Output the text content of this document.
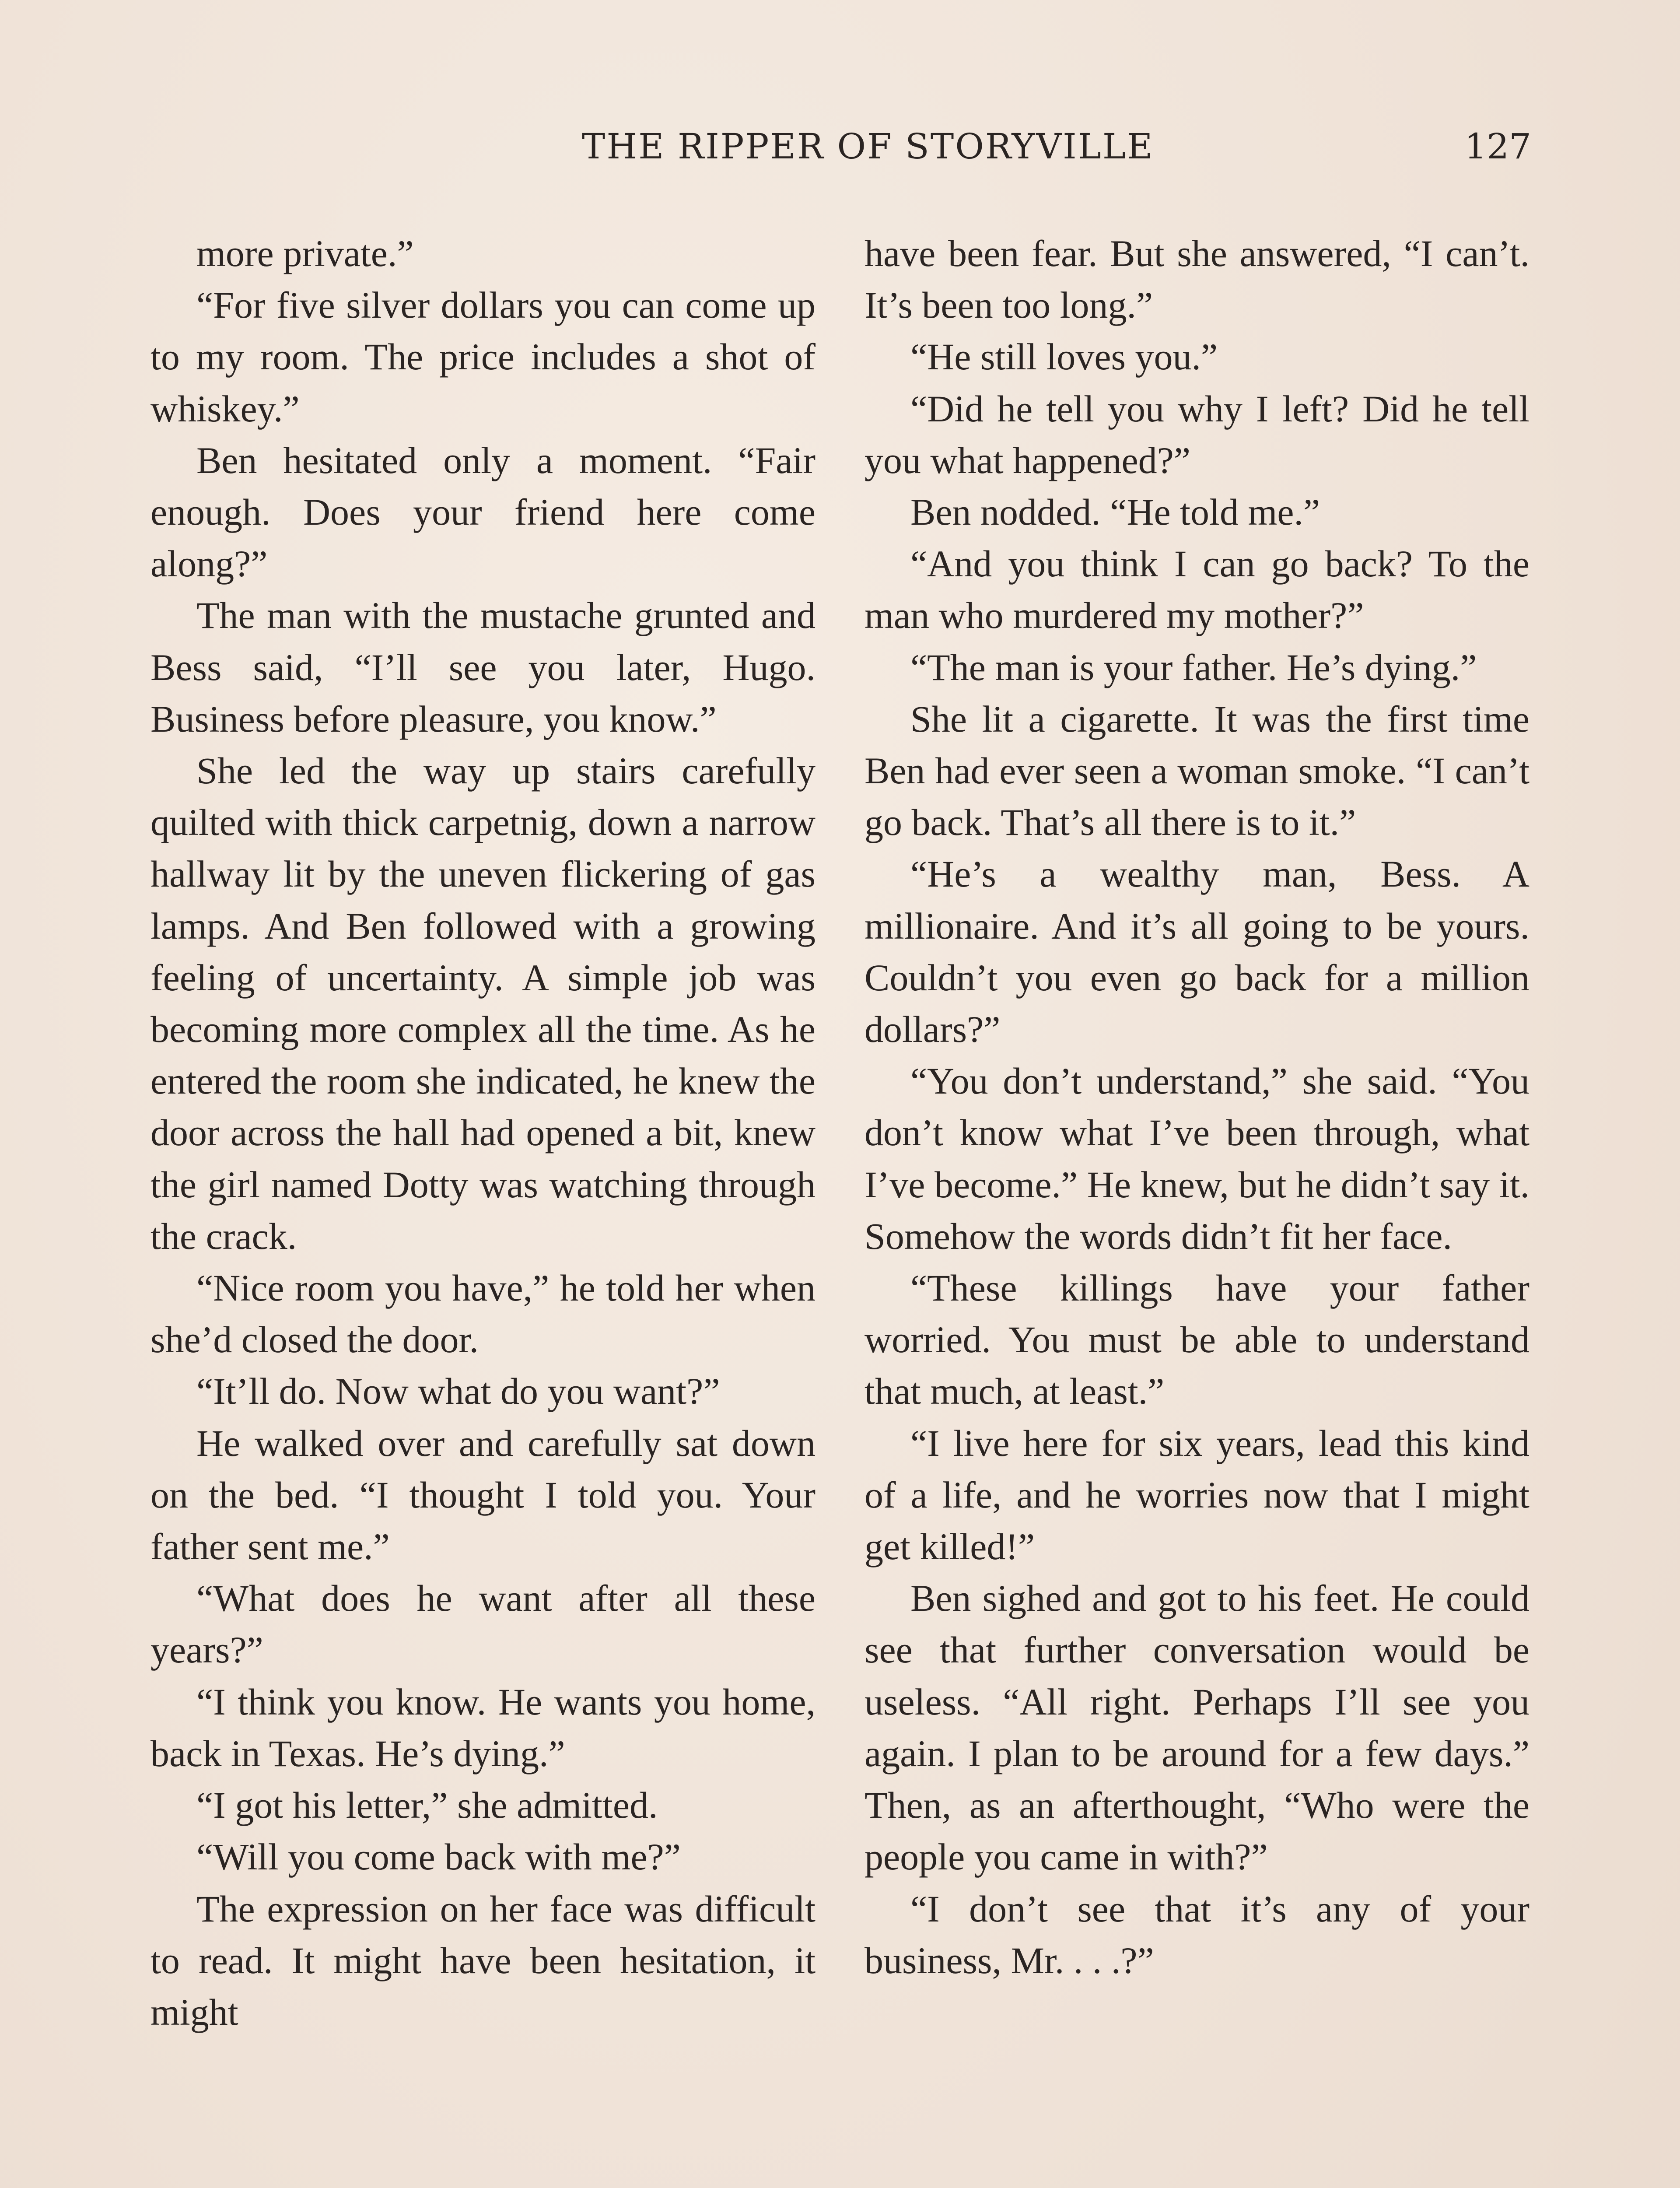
THE RIPPER OF STORYVILLE	127

more private.”

“For five silver dollars you can come up to my room. The price includes a shot of whiskey.”

Ben hesitated only a moment. “Fair enough. Does your friend here come along?”

The man with the mustache grunted and Bess said, “I’ll see you later, Hugo. Business before pleasure, you know.”

She led the way up stairs carefully quilted with thick carpetnig, down a narrow hallway lit by the uneven flickering of gas lamps. And Ben followed with a growing feeling of uncertainty. A simple job was becoming more complex all the time. As he entered the room she indicated, he knew the door across the hall had opened a bit, knew the girl named Dotty was watching through the crack.

“Nice room you have,” he told her when she’d closed the door.

“It’ll do. Now what do you want?”

He walked over and carefully sat down on the bed. “I thought I told you. Your father sent me.”

“What does he want after all these years?”

“I think you know. He wants you home, back in Texas. He’s dying.”

“I got his letter,” she admitted.

“Will you come back with me?”

The expression on her face was difficult to read. It might have been hesitation, it might

have been fear. But she answered, “I can’t. It’s been too long.”

“He still loves you.”

“Did he tell you why I left? Did he tell you what happened?”

Ben nodded. “He told me.”

“And you think I can go back? To the man who murdered my mother?”

“The man is your father. He’s dying.”

She lit a cigarette. It was the first time Ben had ever seen a woman smoke. “I can’t go back. That’s all there is to it.”

“He’s a wealthy man, Bess. A millionaire. And it’s all going to be yours. Couldn’t you even go back for a million dollars?”

“You don’t understand,” she said. “You don’t know what I’ve been through, what I’ve become.” He knew, but he didn’t say it. Somehow the words didn’t fit her face.

“These killings have your father worried. You must be able to understand that much, at least.”

“I live here for six years, lead this kind of a life, and he worries now that I might get killed!”

Ben sighed and got to his feet. He could see that further conversation would be useless. “All right. Perhaps I’ll see you again. I plan to be around for a few days.” Then, as an afterthought, “Who were the people you came in with?”

“I don’t see that it’s any of your business, Mr. . . .?”
